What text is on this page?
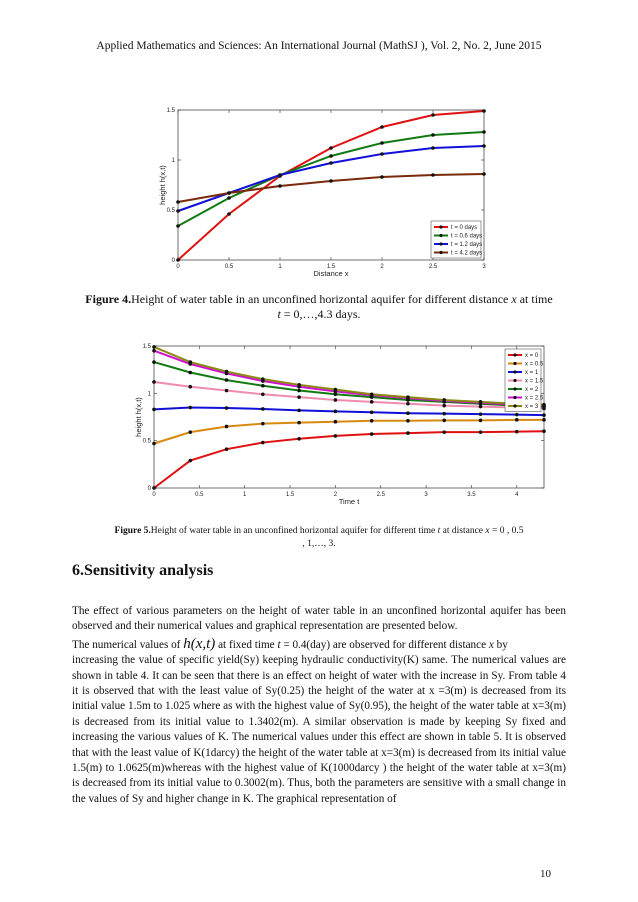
Applied Mathematics and Sciences: An International Journal (MathSJ ), Vol. 2, No. 2, June 2015
0	0.5	1	1.5	2	2.5	3
0
0.5
1
1.5
Distance x
height h(x,t)
t = 0 days
t = 0.6 days
t = 1.2 days
t = 4.2 days
Figure 4.Height of water table in an unconfined horizontal aquifer for different distance x at time
t = 0,…,4.3 days.
0	0.5	1	1.5	2	2.5	3	3.5	4
0
0.5
1
1.5
Time t
height h(x,t)
x = 0
x = 0.5
x = 1
x = 1.5
x = 2
x = 2.5
x = 3
Figure 5.Height of water table in an unconfined horizontal aquifer for different time t at distance x = 0 , 0.5
, 1,…, 3.
6.Sensitivity analysis

The effect of various parameters on the height of water table in an unconfined horizontal aquifer has been observed and their numerical values and graphical representation are presented below.

The numerical values of h(x,t) at fixed time t = 0.4(day) are observed for different distance x by

increasing the value of specific yield(Sy) keeping hydraulic conductivity(K) same. The numerical values are shown in table 4. It can be seen that there is an effect on height of water with the increase in Sy. From table 4 it is observed that with the least value of Sy(0.25) the height of the water at x =3(m) is decreased from its initial value 1.5m to 1.025 where as with the highest value of Sy(0.95), the height of the water table at x=3(m) is decreased from its initial value to 1.3402(m). A similar observation is made by keeping Sy fixed and increasing the various values of K. The numerical values under this effect are shown in table 5. It is observed that with the least value of K(1darcy) the height of the water table at x=3(m) is decreased from its initial value 1.5(m) to 1.0625(m)whereas with the highest value of K(1000darcy ) the height of the water table at x=3(m) is decreased from its initial value to 0.3002(m). Thus, both the parameters are sensitive with a small change in the values of Sy and higher change in K. The graphical representation of

10
